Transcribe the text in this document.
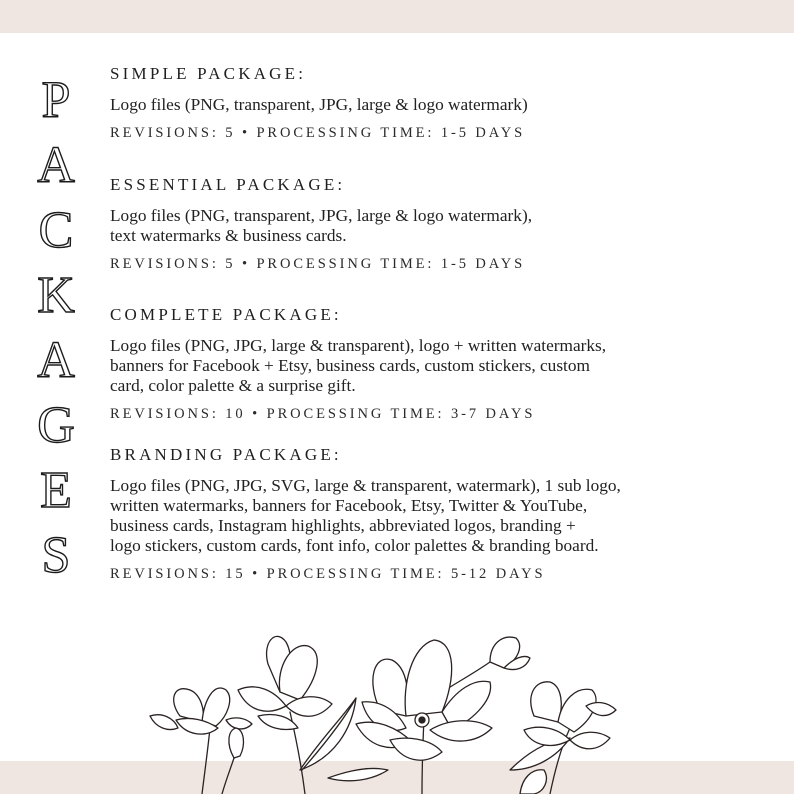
P
A
C
K
A
G
E
S

SIMPLE PACKAGE:

Logo files (PNG, transparent, JPG, large & logo watermark)

REVISIONS: 5 • PROCESSING TIME: 1-5 DAYS

ESSENTIAL PACKAGE:

Logo files (PNG, transparent, JPG, large & logo watermark),
text watermarks & business cards.

REVISIONS: 5 • PROCESSING TIME: 1-5 DAYS

COMPLETE PACKAGE:

Logo files (PNG, JPG, large & transparent), logo + written watermarks,
banners for Facebook + Etsy, business cards, custom stickers, custom
card, color palette & a surprise gift.

REVISIONS: 10 • PROCESSING TIME: 3-7 DAYS

BRANDING PACKAGE:

Logo files (PNG, JPG, SVG, large & transparent, watermark), 1 sub logo,
written watermarks, banners for Facebook, Etsy, Twitter & YouTube,
business cards, Instagram highlights, abbreviated logos, branding +
logo stickers, custom cards, font info, color palettes & branding board.

REVISIONS: 15 • PROCESSING TIME: 5-12 DAYS
